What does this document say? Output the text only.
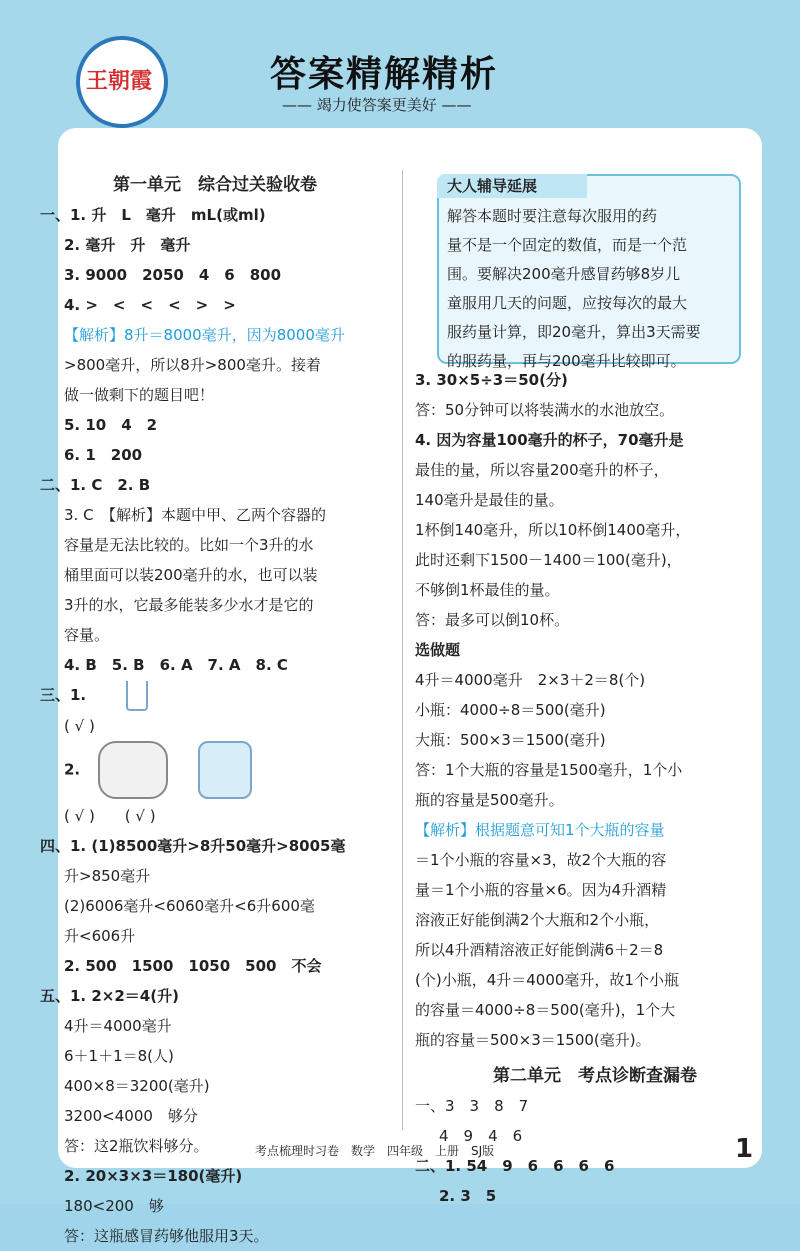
王朝霞	答案精解精析
—— 竭力使答案更美好 ——
第一单元　综合过关验收卷
一、1. 升　L　毫升　mL(或ml)
2. 毫升　升　毫升
3. 9000　2050　4　6　800
4. >　<　<　<　>　>
【解析】8升＝8000毫升，因为8000毫升
>800毫升，所以8升>800毫升。接着
做一做剩下的题目吧！
5. 10　4　2
6. 1　200
二、1. C　2. B
3. C　【解析】本题中甲、乙两个容器的
容量是无法比较的。比如一个3升的水
桶里面可以装200毫升的水，也可以装
3升的水，它最多能装多少水才是它的
容量。
4. B　5. B　6. A　7. A　8. C
三、1.
( √ )
2.
( √ )　　( √ )
四、1. (1)8500毫升>8升50毫升>8005毫
升>850毫升
(2)6006毫升<6060毫升<6升600毫
升<606升
2. 500　1500　1050　500　不会
五、1. 2×2＝4(升)
4升＝4000毫升
6＋1＋1＝8(人)
400×8＝3200(毫升)
3200<4000　够分
答：这2瓶饮料够分。
2. 20×3×3＝180(毫升)
180<200　够
答：这瓶感冒药够他服用3天。
大人辅导延展
解答本题时要注意每次服用的药
量不是一个固定的数值，而是一个范
围。要解决200毫升感冒药够8岁儿
童服用几天的问题，应按每次的最大
服药量计算，即20毫升，算出3天需要
的服药量，再与200毫升比较即可。
3. 30×5÷3＝50(分)
答：50分钟可以将装满水的水池放空。
4. 因为容量100毫升的杯子，70毫升是
最佳的量，所以容量200毫升的杯子，
140毫升是最佳的量。
1杯倒140毫升，所以10杯倒1400毫升，
此时还剩下1500－1400＝100(毫升)，
不够倒1杯最佳的量。
答：最多可以倒10杯。
选做题
4升＝4000毫升　2×3＋2＝8(个)
小瓶：4000÷8＝500(毫升)
大瓶：500×3＝1500(毫升)
答：1个大瓶的容量是1500毫升，1个小
瓶的容量是500毫升。
【解析】根据题意可知1个大瓶的容量
＝1个小瓶的容量×3，故2个大瓶的容
量＝1个小瓶的容量×6。因为4升酒精
溶液正好能倒满2个大瓶和2个小瓶，
所以4升酒精溶液正好能倒满6＋2＝8
(个)小瓶，4升＝4000毫升，故1个小瓶
的容量＝4000÷8＝500(毫升)，1个大
瓶的容量＝500×3＝1500(毫升)。
第二单元　考点诊断查漏卷
一、3　3　8　7
4　9　4　6
二、1. 54　9　6　6　6　6
2. 3　5
考点梳理时习卷　数学　四年级　上册　SJ版	1
